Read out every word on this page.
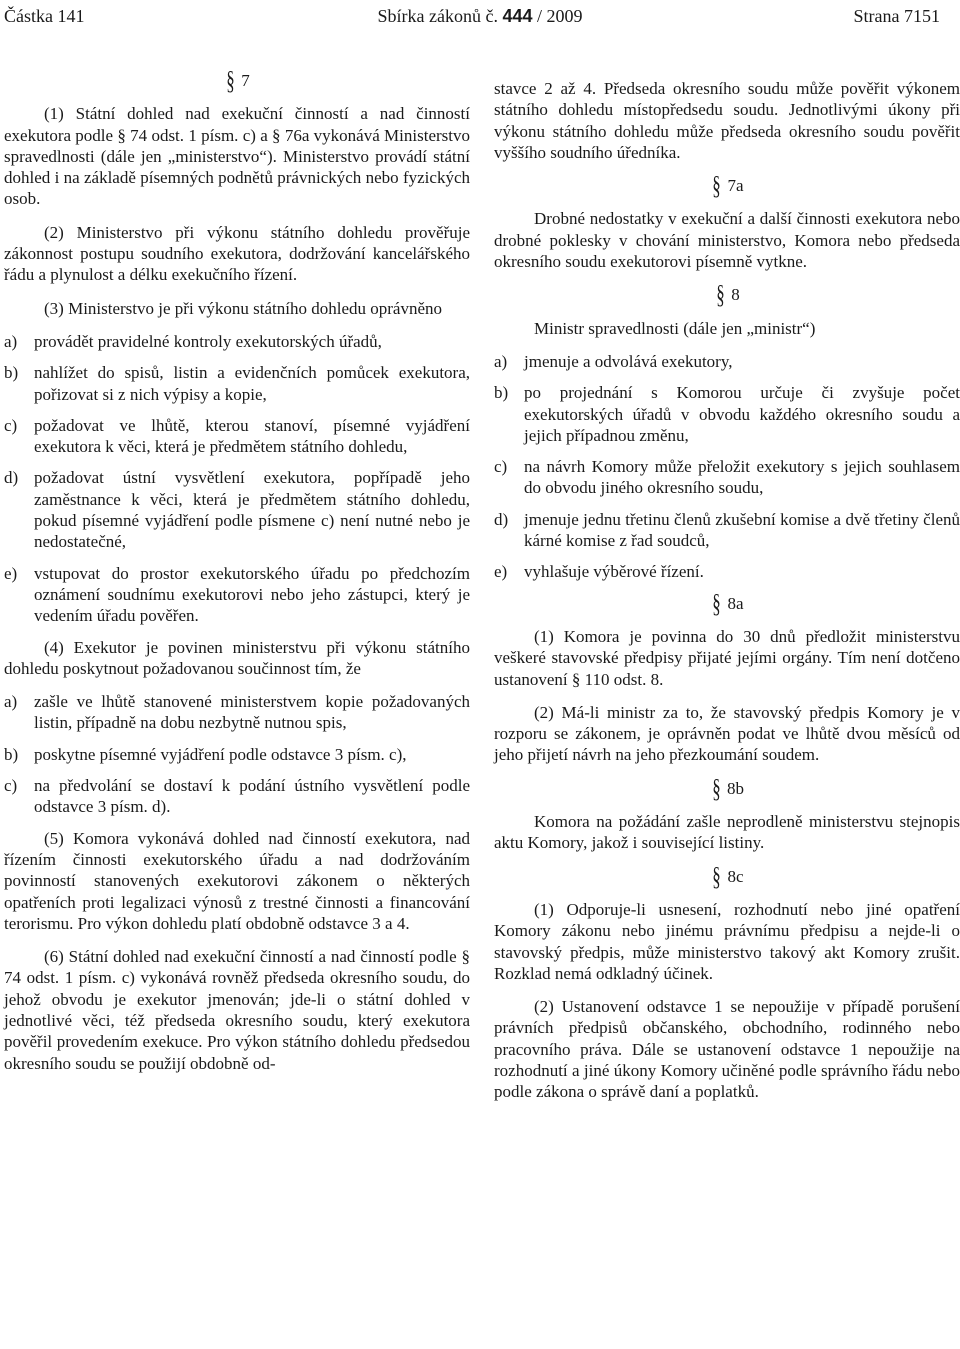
Částka 141	Sbírka zákonů č. 444 / 2009	Strana 7151
§ 7

(1) Státní dohled nad exekuční činností a nad činností exekutora podle § 74 odst. 1 písm. c) a § 76a vykonává Ministerstvo spravedlnosti (dále jen „ministerstvo“). Ministerstvo provádí státní dohled i na základě písemných podnětů právnických nebo fyzických osob.

(2) Ministerstvo při výkonu státního dohledu prověřuje zákonnost postupu soudního exekutora, dodržování kancelářského řádu a plynulost a délku exekučního řízení.

(3) Ministerstvo je při výkonu státního dohledu oprávněno

a) provádět pravidelné kontroly exekutorských úřadů,
b) nahlížet do spisů, listin a evidenčních pomůcek exekutora, pořizovat si z nich výpisy a kopie,
c) požadovat ve lhůtě, kterou stanoví, písemné vyjádření exekutora k věci, která je předmětem státního dohledu,
d) požadovat ústní vysvětlení exekutora, popřípadě jeho zaměstnance k věci, která je předmětem státního dohledu, pokud písemné vyjádření podle písmene c) není nutné nebo je nedostatečné,
e) vstupovat do prostor exekutorského úřadu po předchozím oznámení soudnímu exekutorovi nebo jeho zástupci, který je vedením úřadu pověřen.

(4) Exekutor je povinen ministerstvu při výkonu státního dohledu poskytnout požadovanou součinnost tím, že

a) zašle ve lhůtě stanovené ministerstvem kopie požadovaných listin, případně na dobu nezbytně nutnou spis,
b) poskytne písemné vyjádření podle odstavce 3 písm. c),
c) na předvolání se dostaví k podání ústního vysvětlení podle odstavce 3 písm. d).

(5) Komora vykonává dohled nad činností exekutora, nad řízením činnosti exekutorského úřadu a nad dodržováním povinností stanovených exekutorovi zákonem o některých opatřeních proti legalizaci výnosů z trestné činnosti a financování terorismu. Pro výkon dohledu platí obdobně odstavce 3 a 4.

(6) Státní dohled nad exekuční činností a nad činností podle § 74 odst. 1 písm. c) vykonává rovněž předseda okresního soudu, do jehož obvodu je exekutor jmenován; jde-li o státní dohled v jednotlivé věci, též předseda okresního soudu, který exekutora pověřil provedením exekuce. Pro výkon státního dohledu předsedou okresního soudu se použijí obdobně od-

stavce 2 až 4. Předseda okresního soudu může pověřit výkonem státního dohledu místopředsedu soudu. Jednotlivými úkony při výkonu státního dohledu může předseda okresního soudu pověřit vyššího soudního úředníka.

§ 7a

Drobné nedostatky v exekuční a další činnosti exekutora nebo drobné poklesky v chování ministerstvo, Komora nebo předseda okresního soudu exekutorovi písemně vytkne.

§ 8

Ministr spravedlnosti (dále jen „ministr“)

a) jmenuje a odvolává exekutory,
b) po projednání s Komorou určuje či zvyšuje počet exekutorských úřadů v obvodu každého okresního soudu a jejich případnou změnu,
c) na návrh Komory může přeložit exekutory s jejich souhlasem do obvodu jiného okresního soudu,
d) jmenuje jednu třetinu členů zkušební komise a dvě třetiny členů kárné komise z řad soudců,
e) vyhlašuje výběrové řízení.
§ 8a

(1) Komora je povinna do 30 dnů předložit ministerstvu veškeré stavovské předpisy přijaté jejími orgány. Tím není dotčeno ustanovení § 110 odst. 8.

(2) Má-li ministr za to, že stavovský předpis Komory je v rozporu se zákonem, je oprávněn podat ve lhůtě dvou měsíců od jeho přijetí návrh na jeho přezkoumání soudem.

§ 8b

Komora na požádání zašle neprodleně ministerstvu stejnopis aktu Komory, jakož i související listiny.

§ 8c

(1) Odporuje-li usnesení, rozhodnutí nebo jiné opatření Komory zákonu nebo jinému právnímu předpisu a nejde-li o stavovský předpis, může ministerstvo takový akt Komory zrušit. Rozklad nemá odkladný účinek.

(2) Ustanovení odstavce 1 se nepoužije v případě porušení právních předpisů občanského, obchodního, rodinného nebo pracovního práva. Dále se ustanovení odstavce 1 nepoužije na rozhodnutí a jiné úkony Komory učiněné podle správního řádu nebo podle zákona o správě daní a poplatků.
